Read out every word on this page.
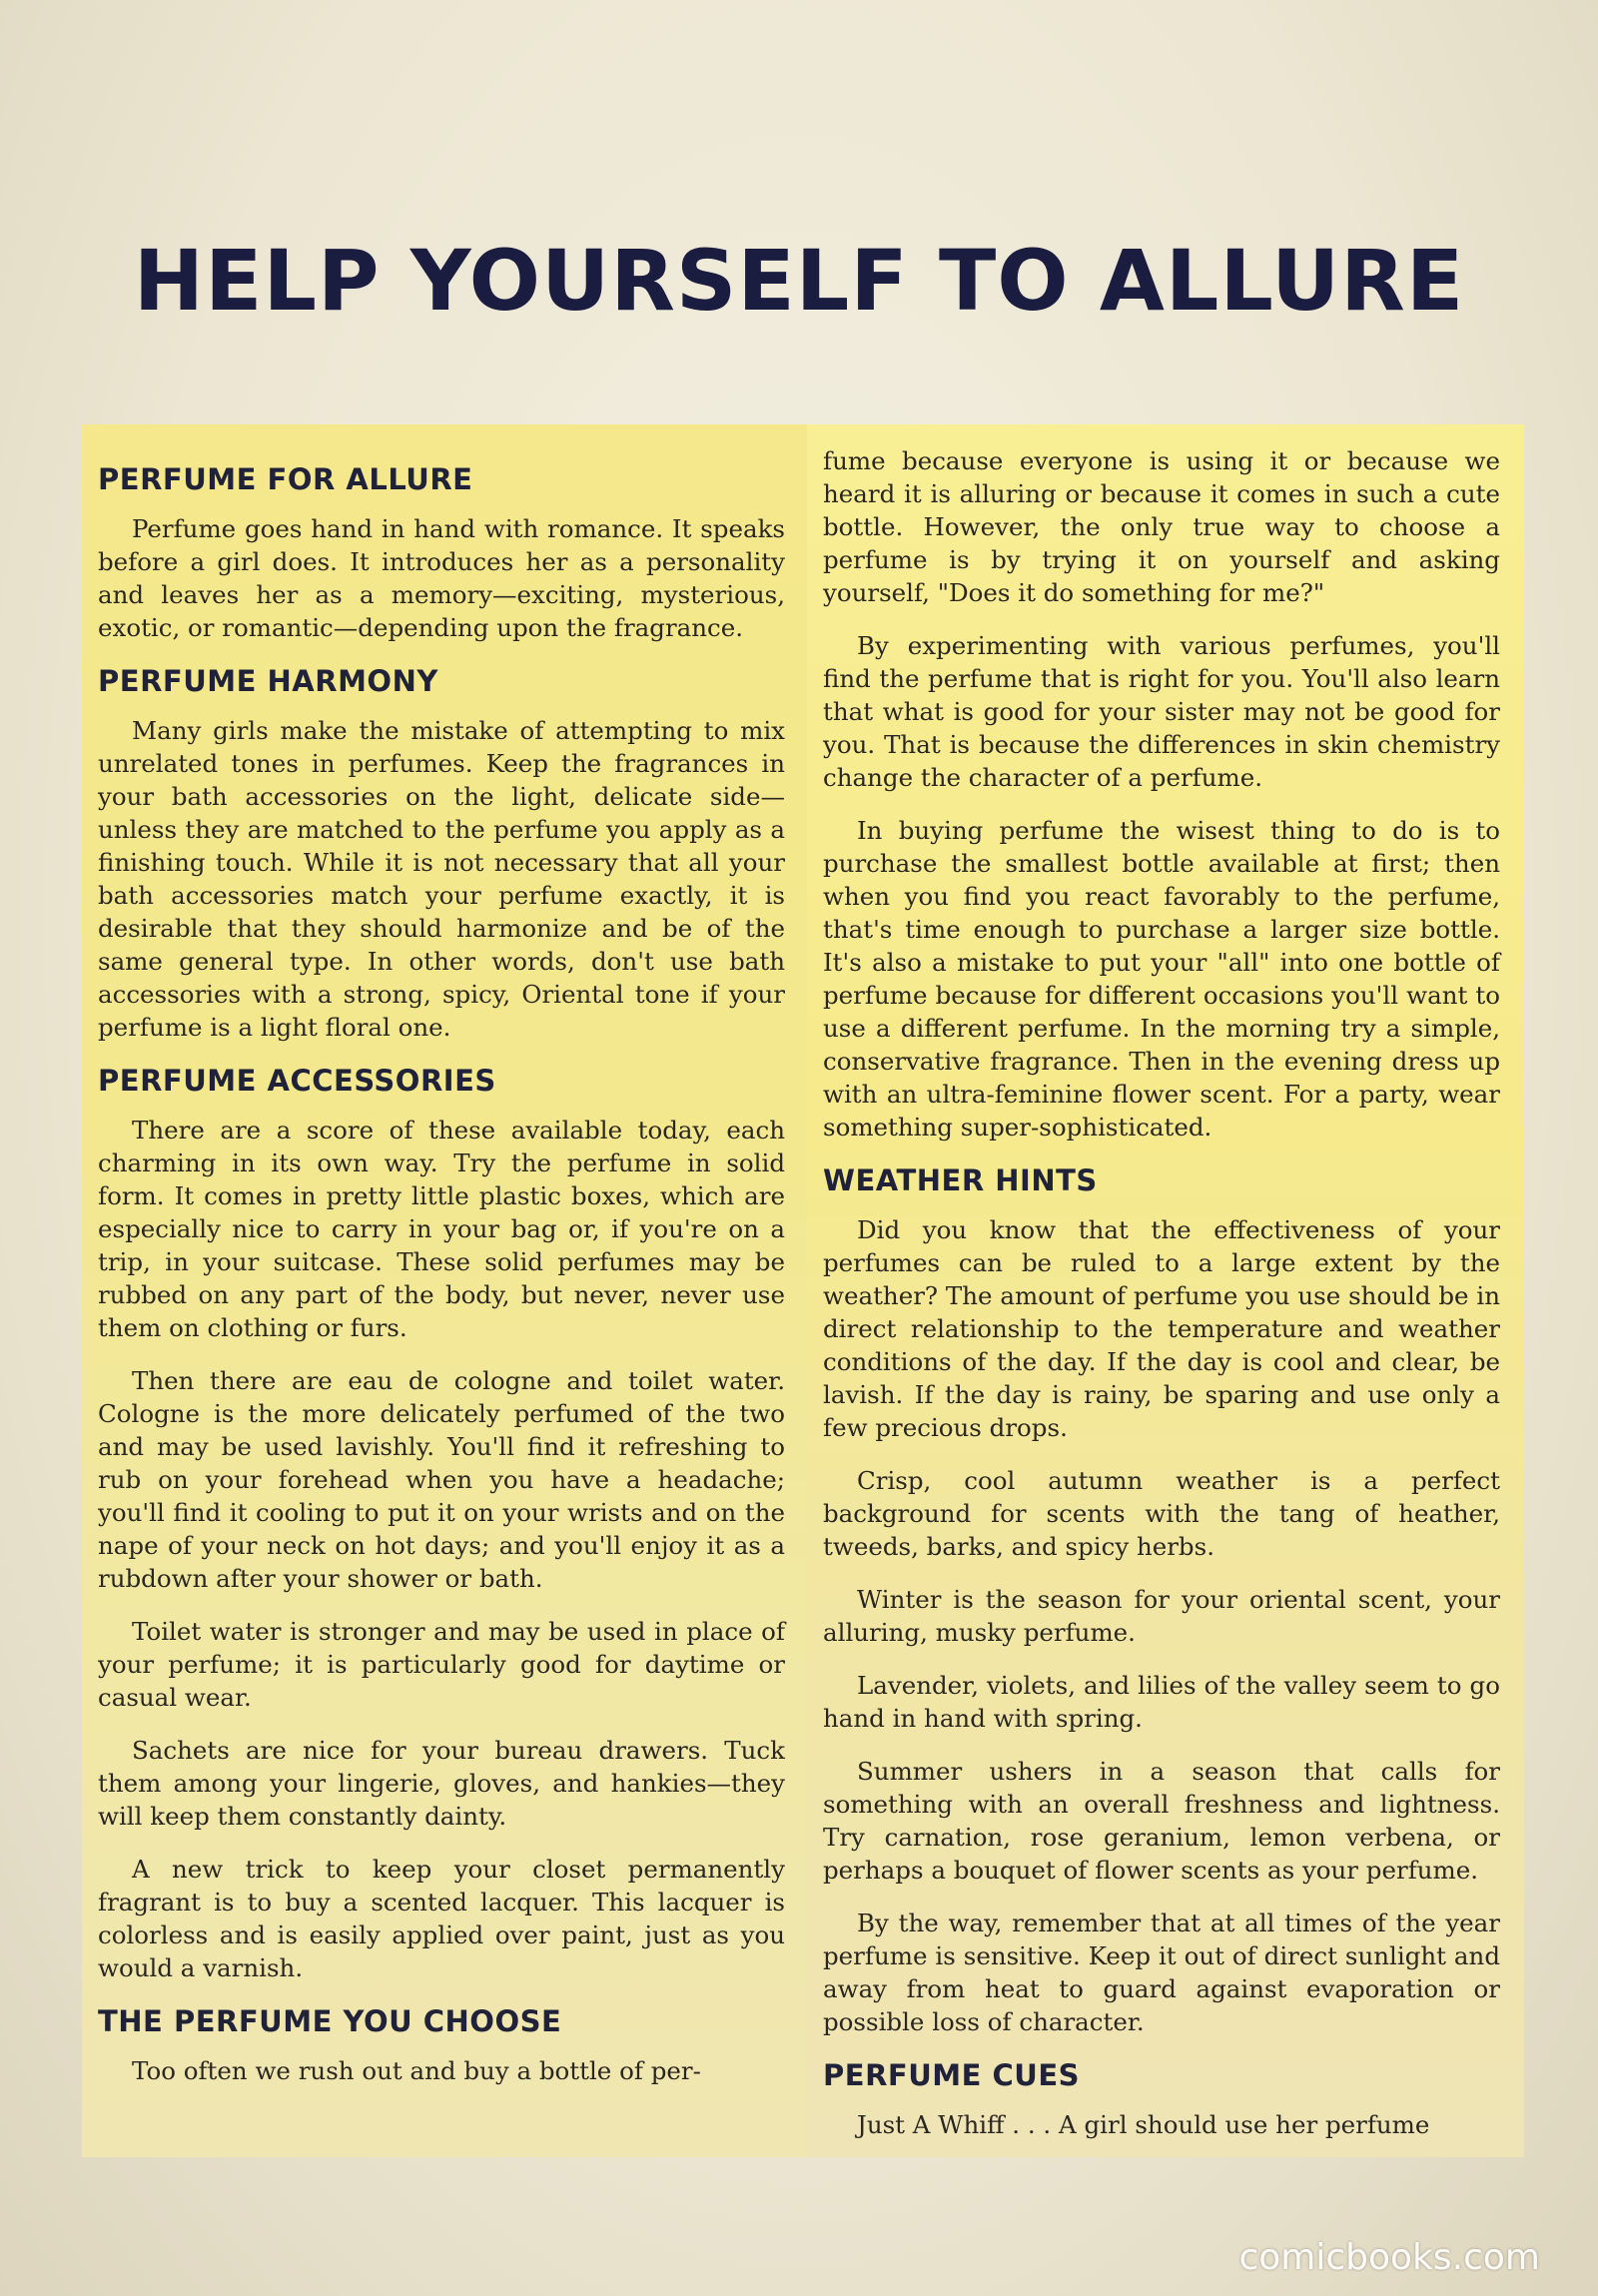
HELP YOURSELF TO ALLURE
PERFUME FOR ALLURE

Perfume goes hand in hand with romance. It speaks before a girl does. It introduces her as a personality and leaves her as a memory—exciting, mysterious, exotic, or romantic—depending upon the fragrance.

PERFUME HARMONY

Many girls make the mistake of attempting to mix unrelated tones in perfumes. Keep the fragrances in your bath accessories on the light, delicate side—unless they are matched to the perfume you apply as a finishing touch. While it is not necessary that all your bath accessories match your perfume exactly, it is desirable that they should harmonize and be of the same general type. In other words, don't use bath accessories with a strong, spicy, Oriental tone if your perfume is a light floral one.

PERFUME ACCESSORIES

There are a score of these available today, each charming in its own way. Try the perfume in solid form. It comes in pretty little plastic boxes, which are especially nice to carry in your bag or, if you're on a trip, in your suitcase. These solid perfumes may be rubbed on any part of the body, but never, never use them on clothing or furs.

Then there are eau de cologne and toilet water. Cologne is the more delicately perfumed of the two and may be used lavishly. You'll find it refreshing to rub on your forehead when you have a headache; you'll find it cooling to put it on your wrists and on the nape of your neck on hot days; and you'll enjoy it as a rubdown after your shower or bath.

Toilet water is stronger and may be used in place of your perfume; it is particularly good for daytime or casual wear.

Sachets are nice for your bureau drawers. Tuck them among your lingerie, gloves, and hankies—they will keep them constantly dainty.

A new trick to keep your closet permanently fragrant is to buy a scented lacquer. This lacquer is colorless and is easily applied over paint, just as you would a varnish.

THE PERFUME YOU CHOOSE

Too often we rush out and buy a bottle of per-

fume because everyone is using it or because we heard it is alluring or because it comes in such a cute bottle. However, the only true way to choose a perfume is by trying it on yourself and asking yourself, "Does it do something for me?"

By experimenting with various perfumes, you'll find the perfume that is right for you. You'll also learn that what is good for your sister may not be good for you. That is because the differences in skin chemistry change the character of a perfume.

In buying perfume the wisest thing to do is to purchase the smallest bottle available at first; then when you find you react favorably to the perfume, that's time enough to purchase a larger size bottle. It's also a mistake to put your "all" into one bottle of perfume because for different occasions you'll want to use a different perfume. In the morning try a simple, conservative fragrance. Then in the evening dress up with an ultra-feminine flower scent. For a party, wear something super-sophisticated.

WEATHER HINTS

Did you know that the effectiveness of your perfumes can be ruled to a large extent by the weather? The amount of perfume you use should be in direct relationship to the temperature and weather conditions of the day. If the day is cool and clear, be lavish. If the day is rainy, be sparing and use only a few precious drops.

Crisp, cool autumn weather is a perfect background for scents with the tang of heather, tweeds, barks, and spicy herbs.

Winter is the season for your oriental scent, your alluring, musky perfume.

Lavender, violets, and lilies of the valley seem to go hand in hand with spring.

Summer ushers in a season that calls for something with an overall freshness and lightness. Try carnation, rose geranium, lemon verbena, or perhaps a bouquet of flower scents as your perfume.

By the way, remember that at all times of the year perfume is sensitive. Keep it out of direct sunlight and away from heat to guard against evaporation or possible loss of character.

PERFUME CUES

Just A Whiff . . . A girl should use her perfume

comicbooks.com
